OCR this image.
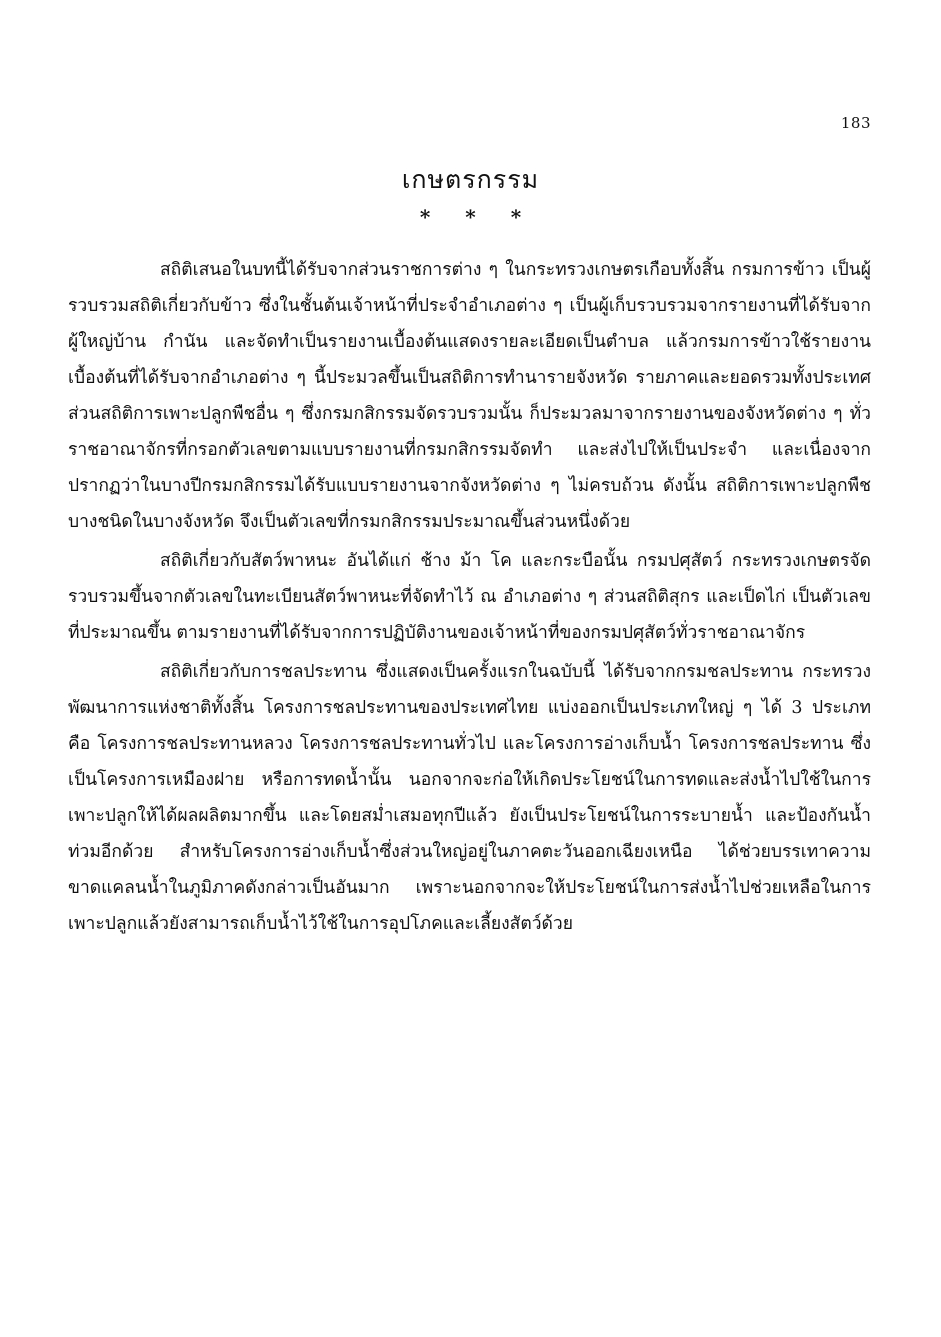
183
เกษตรกรรม
* * *

สถิติเสนอในบทนี้ได้รับจากส่วนราชการต่าง ๆ ในกระทรวงเกษตรเกือบทั้งสิ้น กรมการข้าว เป็นผู้รวบรวมสถิติเกี่ยวกับข้าว ซึ่งในชั้นต้นเจ้าหน้าที่ประจำอำเภอต่าง ๆ เป็นผู้เก็บรวบรวมจากรายงานที่ได้รับจากผู้ใหญ่บ้าน กำนัน และจัดทำเป็นรายงานเบื้องต้นแสดงรายละเอียดเป็นตำบล แล้วกรมการข้าวใช้รายงานเบื้องต้นที่ได้รับจากอำเภอต่าง ๆ นี้ประมวลขึ้นเป็นสถิติการทำนารายจังหวัด รายภาคและยอดรวมทั้งประเทศ ส่วนสถิติการเพาะปลูกพืชอื่น ๆ ซึ่งกรมกสิกรรมจัดรวบรวมนั้น ก็ประมวลมาจากรายงานของจังหวัดต่าง ๆ ทั่วราชอาณาจักรที่กรอกตัวเลขตามแบบรายงานที่กรมกสิกรรมจัดทำ และส่งไปให้เป็นประจำ และเนื่องจากปรากฏว่าในบางปีกรมกสิกรรมได้รับแบบรายงานจากจังหวัดต่าง ๆ ไม่ครบถ้วน ดังนั้น สถิติการเพาะปลูกพืชบางชนิดในบางจังหวัด จึงเป็นตัวเลขที่กรมกสิกรรมประมาณขึ้นส่วนหนึ่งด้วย

สถิติเกี่ยวกับสัตว์พาหนะ อันได้แก่ ช้าง ม้า โค และกระบือนั้น กรมปศุสัตว์ กระทรวงเกษตรจัดรวบรวมขึ้นจากตัวเลขในทะเบียนสัตว์พาหนะที่จัดทำไว้ ณ อำเภอต่าง ๆ ส่วนสถิติสุกร และเป็ดไก่ เป็นตัวเลขที่ประมาณขึ้น ตามรายงานที่ได้รับจากการปฏิบัติงานของเจ้าหน้าที่ของกรมปศุสัตว์ทั่วราชอาณาจักร

สถิติเกี่ยวกับการชลประทาน ซึ่งแสดงเป็นครั้งแรกในฉบับนี้ ได้รับจากกรมชลประทาน กระทรวงพัฒนาการแห่งชาติทั้งสิ้น โครงการชลประทานของประเทศไทย แบ่งออกเป็นประเภทใหญ่ ๆ ได้ 3 ประเภท คือ โครงการชลประทานหลวง โครงการชลประทานทั่วไป และโครงการอ่างเก็บน้ำ โครงการชลประทาน ซึ่งเป็นโครงการเหมืองฝาย หรือการทดน้ำนั้น นอกจากจะก่อให้เกิดประโยชน์ในการทดและส่งน้ำไปใช้ในการเพาะปลูกให้ได้ผลผลิตมากขึ้น และโดยสม่ำเสมอทุกปีแล้ว ยังเป็นประโยชน์ในการระบายน้ำ และป้องกันน้ำท่วมอีกด้วย สำหรับโครงการอ่างเก็บน้ำซึ่งส่วนใหญ่อยู่ในภาคตะวันออกเฉียงเหนือ ได้ช่วยบรรเทาความขาดแคลนน้ำในภูมิภาคดังกล่าวเป็นอันมาก เพราะนอกจากจะให้ประโยชน์ในการส่งน้ำไปช่วยเหลือในการเพาะปลูกแล้วยังสามารถเก็บน้ำไว้ใช้ในการอุปโภคและเลี้ยงสัตว์ด้วย
